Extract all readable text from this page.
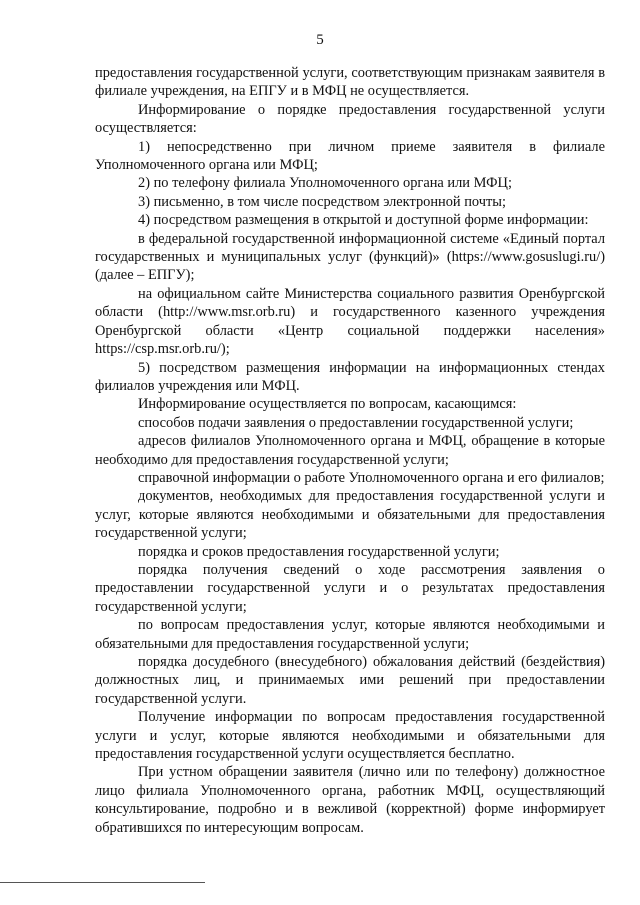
5

предоставления государственной услуги, соответствующим признакам заявителя в филиале учреждения, на ЕПГУ и в МФЦ не осуществляется.

Информирование о порядке предоставления государственной услуги осуществляется:

1) непосредственно при личном приеме заявителя в филиале Уполномоченного органа или МФЦ;

2) по телефону филиала Уполномоченного органа или МФЦ;

3) письменно, в том числе посредством электронной почты;

4) посредством размещения в открытой и доступной форме информации:

в федеральной государственной информационной системе «Единый портал государственных и муниципальных услуг (функций)» (https://www.gosuslugi.ru/) (далее – ЕПГУ);

на официальном сайте Министерства социального развития Оренбургской области (http://www.msr.orb.ru) и государственного казенного учреждения Оренбургской области «Центр социальной поддержки населения» https://csp.msr.orb.ru/);

5) посредством размещения информации на информационных стендах филиалов учреждения или МФЦ.

Информирование осуществляется по вопросам, касающимся:

способов подачи заявления о предоставлении государственной услуги;

адресов филиалов Уполномоченного органа и МФЦ, обращение в которые необходимо для предоставления государственной услуги;

справочной информации о работе Уполномоченного органа и его филиалов;

документов, необходимых для предоставления государственной услуги и услуг, которые являются необходимыми и обязательными для предоставления государственной услуги;

порядка и сроков предоставления государственной услуги;

порядка получения сведений о ходе рассмотрения заявления о предоставлении государственной услуги и о результатах предоставления государственной услуги;

по вопросам предоставления услуг, которые являются необходимыми и обязательными для предоставления государственной услуги;

порядка досудебного (внесудебного) обжалования действий (бездействия) должностных лиц, и принимаемых ими решений при предоставлении государственной услуги.

Получение информации по вопросам предоставления государственной услуги и услуг, которые являются необходимыми и обязательными для предоставления государственной услуги осуществляется бесплатно.

При устном обращении заявителя (лично или по телефону) должностное лицо филиала Уполномоченного органа, работник МФЦ, осуществляющий консультирование, подробно и в вежливой (корректной) форме информирует обратившихся по интересующим вопросам.
